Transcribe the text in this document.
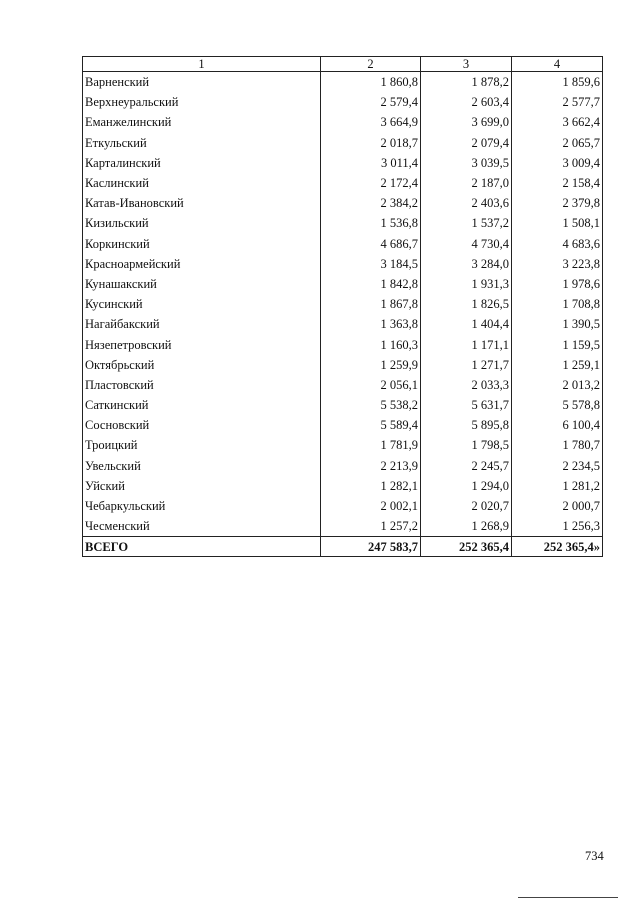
1	2	3	4
Варненский	1 860,8	1 878,2	1 859,6
Верхнеуральский	2 579,4	2 603,4	2 577,7
Еманжелинский	3 664,9	3 699,0	3 662,4
Еткульский	2 018,7	2 079,4	2 065,7
Карталинский	3 011,4	3 039,5	3 009,4
Каслинский	2 172,4	2 187,0	2 158,4
Катав-Ивановский	2 384,2	2 403,6	2 379,8
Кизильский	1 536,8	1 537,2	1 508,1
Коркинский	4 686,7	4 730,4	4 683,6
Красноармейский	3 184,5	3 284,0	3 223,8
Кунашакский	1 842,8	1 931,3	1 978,6
Кусинский	1 867,8	1 826,5	1 708,8
Нагайбакский	1 363,8	1 404,4	1 390,5
Нязепетровский	1 160,3	1 171,1	1 159,5
Октябрьский	1 259,9	1 271,7	1 259,1
Пластовский	2 056,1	2 033,3	2 013,2
Саткинский	5 538,2	5 631,7	5 578,8
Сосновский	5 589,4	5 895,8	6 100,4
Троицкий	1 781,9	1 798,5	1 780,7
Увельский	2 213,9	2 245,7	2 234,5
Уйский	1 282,1	1 294,0	1 281,2
Чебаркульский	2 002,1	2 020,7	2 000,7
Чесменский	1 257,2	1 268,9	1 256,3
ВСЕГО	247 583,7	252 365,4	252 365,4»
734
